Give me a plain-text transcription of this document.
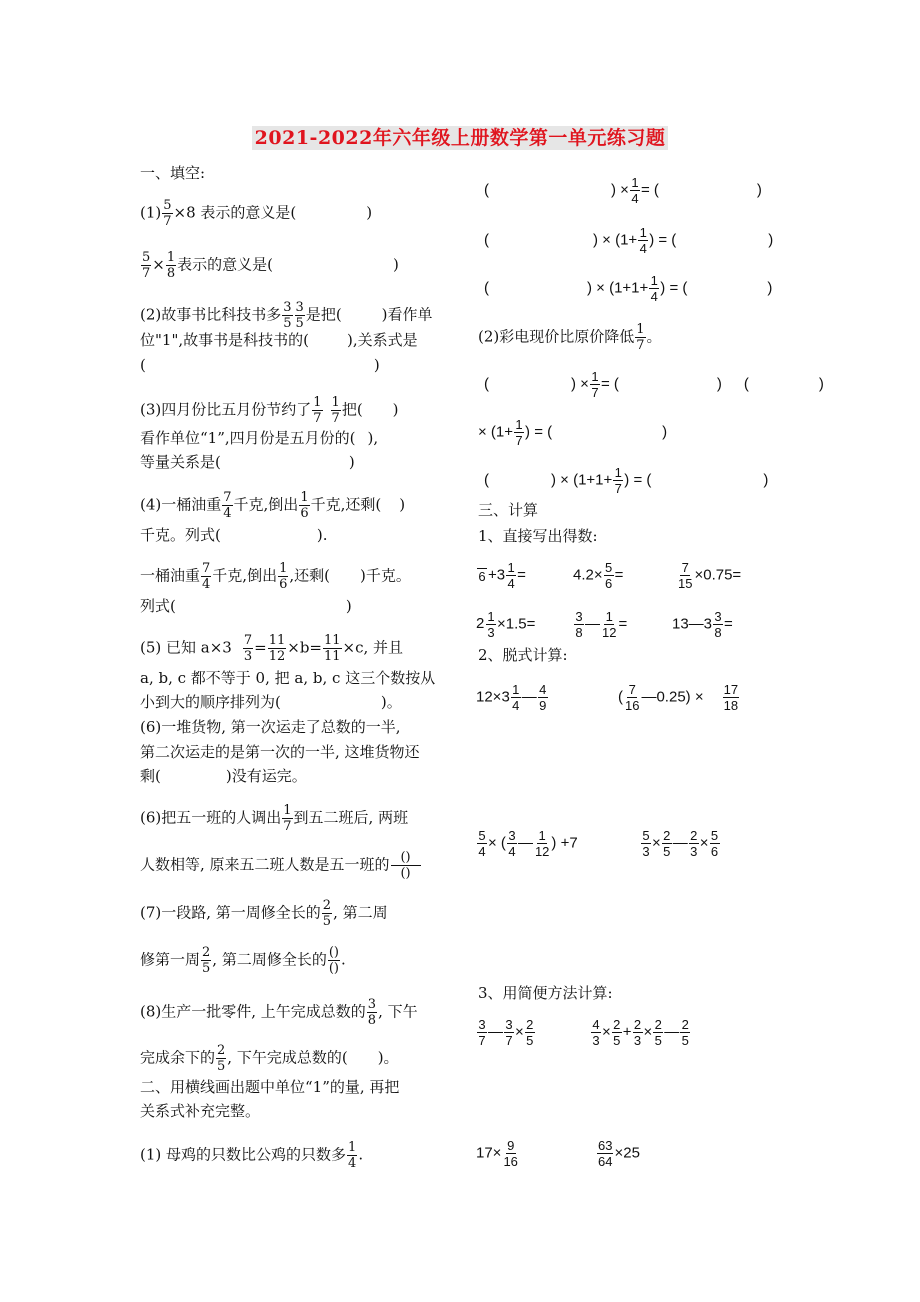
2021-2022年六年级上册数学第一单元练习题
一、填空:
$(1) \frac{5}{7} \times 8$ 表示的意义是(	)
$\frac{5}{7} \times \frac{1}{8}$ 表示的意义是(	)
(2)故事书比科技书多 $\frac{3}{5} \frac{3}{5}$ 是把(	)看作单
位"1",故事书是科技书的(	),关系式是
(	)
(3)四月份比五月份节约了 $\frac{1}{7} \frac{1}{7}$ 把( )
看作单位“1”,四月份是五月份的( ),
等量关系是(	)
(4)一桶油重 $\frac{7}{4}$ 千克,倒出 $\frac{1}{6}$ 千克,还剩( )
千克。列式(	).
一桶油重 $\frac{7}{4}$ 千克,倒出 $\frac{1}{6}$ ,还剩( )千克。
列式(	)
(5) 已知 $a\times 3 \frac{7}{3} = \frac{11}{12} \times b= \frac{11}{11} \times c$, 并且
a, b, c 都不等于 0, 把 a, b, c 这三个数按从
小到大的顺序排列为(	)。
(6)一堆货物, 第一次运走了总数的一半,
第二次运走的是第一次的一半, 这堆货物还
剩(	)没有运完。
(6)把五一班的人调出 $\frac{1}{7}$ 到五二班后, 两班
人数相等, 原来五二班人数是五一班的 $\frac{()}{()}$
(7)一段路, 第一周修全长的 $\frac{2}{5}$ , 第二周
修第一周 $\frac{2}{5}$ , 第二周修全长的 $\frac{()}{()}$ .
(8)生产一批零件, 上午完成总数的 $\frac{3}{8}$ , 下午
完成余下的 $\frac{2}{5}$ , 下午完成总数的( )。
二、用横线画出题中单位“1”的量, 再把
关系式补充完整。
(1) 母鸡的只数比公鸡的只数多 $\frac{1}{4}$ .
(	) × $\frac{1}{4}$ = (	)
(	) × ($1+ \frac{1}{4}$ ) = (	)
(	) × ($1+1+ \frac{1}{4}$ ) = (	)
(2)彩电现价比原价降低 $\frac{1}{7}$ 。
(	) × $\frac{1}{7}$ = (	) (	)
× ($1+ \frac{1}{7}$ ) = (	)
(	) × ($1+1+ \frac{1}{7}$ ) = (	)
三、计算
1、直接写出得数:
$6 +3 \frac{1}{4}$ =	$4.2\times \frac{5}{6}$ =	$\frac{7}{15} \times 0.75=$
$2 \frac{1}{3} \times 1.5=$	$\frac{3}{8}$ — $\frac{1}{12}$ =	13—3 $\frac{3}{8}$ =
2、脱式计算:
$12\times 3 \frac{1}{4}$ — $\frac{4}{9}$	( $\frac{7}{16}$ —0.25) × $\frac{17}{18}$
$\frac{5}{4}$ × ( $\frac{3}{4}$ — $\frac{1}{12}$ ) +7	$\frac{5}{3} \times \frac{2}{5}$ — $\frac{2}{3} \times \frac{5}{6}$
3、用简便方法计算:
$\frac{3}{7}$ — $\frac{3}{7} \times \frac{2}{5}$	$\frac{4}{3} \times \frac{2}{5} + \frac{2}{3} \times \frac{2}{5}$ — $\frac{2}{5}$
$17\times \frac{9}{16}$	$\frac{63}{64} \times 25$
